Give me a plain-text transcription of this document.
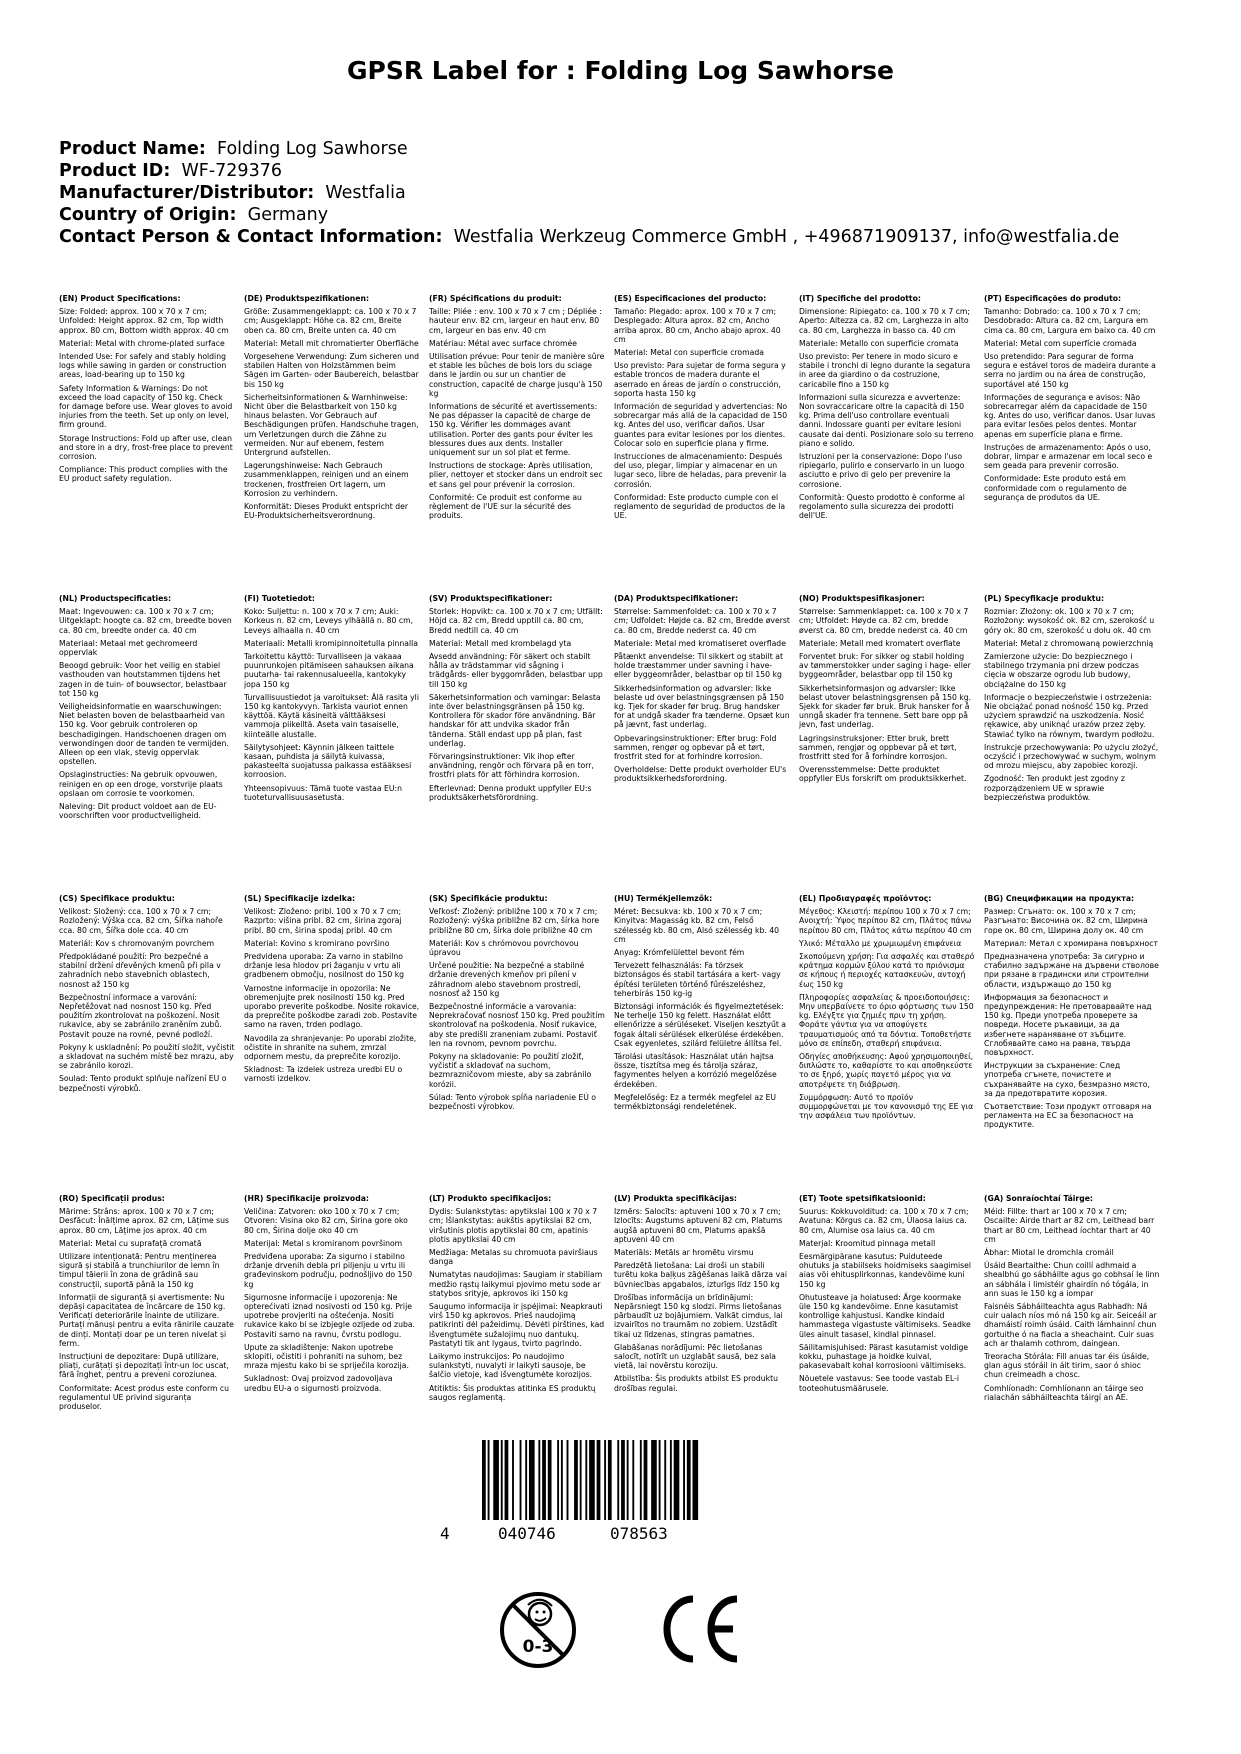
GPSR Label for : Folding Log Sawhorse
Product Name: Folding Log Sawhorse
Product ID: WF-729376
Manufacturer/Distributor: Westfalia
Country of Origin: Germany
Contact Person & Contact Information: Westfalia Werkzeug Commerce GmbH , +496871909137, info@westfalia.de

(EN) Product Specifications:

Size: Folded: approx. 100 x 70 x 7 cm; Unfolded: Height approx. 82 cm, Top width approx. 80 cm, Bottom width approx. 40 cm

Material: Metal with chrome-plated surface

Intended Use: For safely and stably holding logs while sawing in garden or construction areas, load-bearing up to 150 kg

Safety Information & Warnings: Do not exceed the load capacity of 150 kg. Check for damage before use. Wear gloves to avoid injuries from the teeth. Set up only on level, firm ground.

Storage Instructions: Fold up after use, clean and store in a dry, frost-free place to prevent corrosion.

Compliance: This product complies with the EU product safety regulation.

(DE) Produktspezifikationen:

Größe: Zusammengeklappt: ca. 100 x 70 x 7 cm; Ausgeklappt: Höhe ca. 82 cm, Breite oben ca. 80 cm, Breite unten ca. 40 cm

Material: Metall mit chromatierter Oberfläche

Vorgesehene Verwendung: Zum sicheren und stabilen Halten von Holzstämmen beim Sägen im Garten- oder Baubereich, belastbar bis 150 kg

Sicherheitsinformationen & Warnhinweise: Nicht über die Belastbarkeit von 150 kg hinaus belasten. Vor Gebrauch auf Beschädigungen prüfen. Handschuhe tragen, um Verletzungen durch die Zähne zu vermeiden. Nur auf ebenem, festem Untergrund aufstellen.

Lagerungshinweise: Nach Gebrauch zusammenklappen, reinigen und an einem trockenen, frostfreien Ort lagern, um Korrosion zu verhindern.

Konformität: Dieses Produkt entspricht der EU-Produktsicherheitsverordnung.

(FR) Spécifications du produit:

Taille: Pliée : env. 100 x 70 x 7 cm ; Dépliée : hauteur env. 82 cm, largeur en haut env. 80 cm, largeur en bas env. 40 cm

Matériau: Métal avec surface chromée

Utilisation prévue: Pour tenir de manière sûre et stable les bûches de bois lors du sciage dans le jardin ou sur un chantier de construction, capacité de charge jusqu'à 150 kg

Informations de sécurité et avertissements: Ne pas dépasser la capacité de charge de 150 kg. Vérifier les dommages avant utilisation. Porter des gants pour éviter les blessures dues aux dents. Installer uniquement sur un sol plat et ferme.

Instructions de stockage: Après utilisation, plier, nettoyer et stocker dans un endroit sec et sans gel pour prévenir la corrosion.

Conformité: Ce produit est conforme au règlement de l'UE sur la sécurité des produits.

(ES) Especificaciones del producto:

Tamaño: Plegado: aprox. 100 x 70 x 7 cm; Desplegado: Altura aprox. 82 cm, Ancho arriba aprox. 80 cm, Ancho abajo aprox. 40 cm

Material: Metal con superficie cromada

Uso previsto: Para sujetar de forma segura y estable troncos de madera durante el aserrado en áreas de jardín o construcción, soporta hasta 150 kg

Información de seguridad y advertencias: No sobrecargar más allá de la capacidad de 150 kg. Antes del uso, verificar daños. Usar guantes para evitar lesiones por los dientes. Colocar solo en superficie plana y firme.

Instrucciones de almacenamiento: Después del uso, plegar, limpiar y almacenar en un lugar seco, libre de heladas, para prevenir la corrosión.

Conformidad: Este producto cumple con el reglamento de seguridad de productos de la UE.

(IT) Specifiche del prodotto:

Dimensione: Ripiegato: ca. 100 x 70 x 7 cm; Aperto: Altezza ca. 82 cm, Larghezza in alto ca. 80 cm, Larghezza in basso ca. 40 cm

Materiale: Metallo con superficie cromata

Uso previsto: Per tenere in modo sicuro e stabile i tronchi di legno durante la segatura in aree da giardino o da costruzione, caricabile fino a 150 kg

Informazioni sulla sicurezza e avvertenze: Non sovraccaricare oltre la capacità di 150 kg. Prima dell'uso controllare eventuali danni. Indossare guanti per evitare lesioni causate dai denti. Posizionare solo su terreno piano e solido.

Istruzioni per la conservazione: Dopo l'uso ripiegarlo, pulirlo e conservarlo in un luogo asciutto e privo di gelo per prevenire la corrosione.

Conformità: Questo prodotto è conforme al regolamento sulla sicurezza dei prodotti dell'UE.

(PT) Especificações do produto:

Tamanho: Dobrado: ca. 100 x 70 x 7 cm; Desdobrado: Altura ca. 82 cm, Largura em cima ca. 80 cm, Largura em baixo ca. 40 cm

Material: Metal com superfície cromada

Uso pretendido: Para segurar de forma segura e estável toros de madeira durante a serra no jardim ou na área de construção, suportável até 150 kg

Informações de segurança e avisos: Não sobrecarregar além da capacidade de 150 kg. Antes do uso, verificar danos. Usar luvas para evitar lesões pelos dentes. Montar apenas em superfície plana e firme.

Instruções de armazenamento: Após o uso, dobrar, limpar e armazenar em local seco e sem geada para prevenir corrosão.

Conformidade: Este produto está em conformidade com o regulamento de segurança de produtos da UE.

(NL) Productspecificaties:

Maat: Ingevouwen: ca. 100 x 70 x 7 cm; Uitgeklapt: hoogte ca. 82 cm, breedte boven ca. 80 cm, breedte onder ca. 40 cm

Materiaal: Metaal met gechromeerd oppervlak

Beoogd gebruik: Voor het veilig en stabiel vasthouden van houtstammen tijdens het zagen in de tuin- of bouwsector, belastbaar tot 150 kg

Veiligheidsinformatie en waarschuwingen: Niet belasten boven de belastbaarheid van 150 kg. Voor gebruik controleren op beschadigingen. Handschoenen dragen om verwondingen door de tanden te vermijden. Alleen op een vlak, stevig oppervlak opstellen.

Opslaginstructies: Na gebruik opvouwen, reinigen en op een droge, vorstvrije plaats opslaan om corrosie te voorkomen.

Naleving: Dit product voldoet aan de EU-voorschriften voor productveiligheid.

(FI) Tuotetiedot:

Koko: Suljettu: n. 100 x 70 x 7 cm; Auki: Korkeus n. 82 cm, Leveys ylhäällä n. 80 cm, Leveys alhaalla n. 40 cm

Materiaali: Metalli kromipinnoitetulla pinnalla

Tarkoitettu käyttö: Turvalliseen ja vakaaa puunrunkojen pitämiseen sahauksen aikana puutarha- tai rakennusalueella, kantokyky jopa 150 kg

Turvallisuustiedot ja varoitukset: Älä rasita yli 150 kg kantokyvyn. Tarkista vauriot ennen käyttöä. Käytä käsineitä välttääksesi vammoja piikeiltä. Aseta vain tasaiselle, kiinteälle alustalle.

Säilytysohjeet: Käynnin jälkeen taittele kasaan, puhdista ja säilytä kuivassa, pakasteelta suojatussa paikassa estääksesi korroosion.

Yhteensopivuus: Tämä tuote vastaa EU:n tuoteturvallisuusasetusta.

(SV) Produktspecifikationer:

Storlek: Hopvikt: ca. 100 x 70 x 7 cm; Utfällt: Höjd ca. 82 cm, Bredd upptill ca. 80 cm, Bredd nedtill ca. 40 cm

Material: Metall med krombelagd yta

Avsedd användning: För säkert och stabilt hålla av trädstammar vid sågning i trädgårds- eller byggområden, belastbar upp till 150 kg

Säkerhetsinformation och varningar: Belasta inte över belastningsgränsen på 150 kg. Kontrollera för skador före användning. Bär handskar för att undvika skador från tänderna. Ställ endast upp på plan, fast underlag.

Förvaringsinstruktioner: Vik ihop efter användning, rengör och förvara på en torr, frostfri plats för att förhindra korrosion.

Efterlevnad: Denna produkt uppfyller EU:s produktsäkerhetsförordning.

(DA) Produktspecifikationer:

Størrelse: Sammenfoldet: ca. 100 x 70 x 7 cm; Udfoldet: Højde ca. 82 cm, Bredde øverst ca. 80 cm, Bredde nederst ca. 40 cm

Materiale: Metal med kromatiseret overflade

Påtænkt anvendelse: Til sikkert og stabilt at holde træstammer under savning i have- eller byggeområder, belastbar op til 150 kg

Sikkerhedsinformation og advarsler: Ikke belaste ud over belastningsgrænsen på 150 kg. Tjek for skader før brug. Brug handsker for at undgå skader fra tænderne. Opsæt kun på jævnt, fast underlag.

Opbevaringsinstruktioner: Efter brug: Fold sammen, rengør og opbevar på et tørt, frostfrit sted for at forhindre korrosion.

Overholdelse: Dette produkt overholder EU's produktsikkerhedsforordning.

(NO) Produktspesifikasjoner:

Størrelse: Sammenklappet: ca. 100 x 70 x 7 cm; Utfoldet: Høyde ca. 82 cm, bredde øverst ca. 80 cm, bredde nederst ca. 40 cm

Materiale: Metall med kromatert overflate

Forventet bruk: For sikker og stabil holding av tømmerstokker under saging i hage- eller byggeområder, belastbar opp til 150 kg

Sikkerhetsinformasjon og advarsler: Ikke belast utover belastningsgrensen på 150 kg. Sjekk for skader før bruk. Bruk hansker for å unngå skader fra tennene. Sett bare opp på jevn, fast underlag.

Lagringsinstruksjoner: Etter bruk, brett sammen, rengjør og oppbevar på et tørt, frostfritt sted for å forhindre korrosjon.

Overensstemmelse: Dette produktet oppfyller EUs forskrift om produktsikkerhet.

(PL) Specyfikacje produktu:

Rozmiar: Złożony: ok. 100 x 70 x 7 cm; Rozłożony: wysokość ok. 82 cm, szerokość u góry ok. 80 cm, szerokość u dołu ok. 40 cm

Materiał: Metal z chromowaną powierzchnią

Zamierzone użycie: Do bezpiecznego i stabilnego trzymania pni drzew podczas cięcia w obszarze ogrodu lub budowy, obciążalne do 150 kg

Informacje o bezpieczeństwie i ostrzeżenia: Nie obciążać ponad nośność 150 kg. Przed użyciem sprawdzić na uszkodzenia. Nosić rękawice, aby uniknąć urazów przez zęby. Stawiać tylko na równym, twardym podłożu.

Instrukcje przechowywania: Po użyciu złożyć, oczyścić i przechowywać w suchym, wolnym od mrozu miejscu, aby zapobiec korozji.

Zgodność: Ten produkt jest zgodny z rozporządzeniem UE w sprawie bezpieczeństwa produktów.

(CS) Specifikace produktu:

Velikost: Složený: cca. 100 x 70 x 7 cm; Rozložený: Výška cca. 82 cm, Šířka nahoře cca. 80 cm, Šířka dole cca. 40 cm

Materiál: Kov s chromovaným povrchem

Předpokládané použití: Pro bezpečné a stabilní držení dřevěných kmenů při pila v zahradních nebo stavebních oblastech, nosnost až 150 kg

Bezpečnostní informace a varování: Nepřetěžovat nad nosnost 150 kg. Před použitím zkontrolovat na poškození. Nosit rukavice, aby se zabránilo zraněním zubů. Postavit pouze na rovné, pevné podloží.

Pokyny k uskladnění: Po použití složit, vyčistit a skladovat na suchém místě bez mrazu, aby se zabránilo korozi.

Soulad: Tento produkt splňuje nařízení EU o bezpečnosti výrobků.

(SL) Specifikacije izdelka:

Velikost: Zloženo: pribl. 100 x 70 x 7 cm; Razprto: višina pribl. 82 cm, širina zgoraj pribl. 80 cm, širina spodaj pribl. 40 cm

Material: Kovino s kromirano površino

Predvidena uporaba: Za varno in stabilno držanje lesa hlodov pri žaganju v vrtu ali gradbenem območju, nosilnost do 150 kg

Varnostne informacije in opozorila: Ne obremenjujte prek nosilnosti 150 kg. Pred uporabo preverite poškodbe. Nosite rokavice, da preprečite poškodbe zaradi zob. Postavite samo na raven, trden podlago.

Navodila za shranjevanje: Po uporabi zložite, očistite in shranite na suhem, zmrzal odpornem mestu, da preprečite korozijo.

Skladnost: Ta izdelek ustreza uredbi EU o varnosti izdelkov.

(SK) Špecifikácie produktu:

Veľkosť: Zložený: približne 100 x 70 x 7 cm; Rozložený: výška približne 82 cm, šírka hore približne 80 cm, šírka dole približne 40 cm

Materiál: Kov s chrómovou povrchovou úpravou

Určené použitie: Na bezpečné a stabilné držanie drevených kmeňov pri pílení v záhradnom alebo stavebnom prostredí, nosnosť až 150 kg

Bezpečnostné informácie a varovania: Neprekračovať nosnosť 150 kg. Pred použitím skontrolovať na poškodenia. Nosiť rukavice, aby ste predišli zraneniam zubami. Postaviť len na rovnom, pevnom povrchu.

Pokyny na skladovanie: Po použití zložiť, vyčistiť a skladovať na suchom, bezmrazničovom mieste, aby sa zabránilo korózii.

Súlad: Tento výrobok spĺňa nariadenie EÚ o bezpečnosti výrobkov.

(HU) Termékjellemzők:

Méret: Becsukva: kb. 100 x 70 x 7 cm; Kinyitva: Magasság kb. 82 cm, Felső szélesség kb. 80 cm, Alsó szélesség kb. 40 cm

Anyag: Krómfelülettel bevont fém

Tervezett felhasználás: Fa törzsek biztonságos és stabil tartására a kert- vagy építési területen történő fűrészeléshez, teherbírás 150 kg-ig

Biztonsági információk és figyelmeztetések: Ne terhelje 150 kg felett. Használat előtt ellenőrizze a sérüléseket. Viseljen kesztyűt a fogak általi sérülések elkerülése érdekében. Csak egyenletes, szilárd felületre állítsa fel.

Tárolási utasítások: Használat után hajtsa össze, tisztítsa meg és tárolja száraz, fagymentes helyen a korrózió megelőzése érdekében.

Megfelelőség: Ez a termék megfelel az EU termékbiztonsági rendeletének.

(EL) Προδιαγραφές προϊόντος:

Μέγεθος: Κλειστή: περίπου 100 x 70 x 7 cm; Ανοιχτή: Ύψος περίπου 82 cm, Πλάτος πάνω περίπου 80 cm, Πλάτος κάτω περίπου 40 cm

Υλικό: Μέταλλο με χρωμιωμένη επιφάνεια

Σκοπούμενη χρήση: Για ασφαλές και σταθερό κράτημα κορμών ξύλου κατά το πριόνισμα σε κήπους ή περιοχές κατασκευών, αντοχή έως 150 kg

Πληροφορίες ασφαλείας & προειδοποιήσεις: Μην υπερβαίνετε το όριο φόρτωσης των 150 kg. Ελέγξτε για ζημιές πριν τη χρήση. Φοράτε γάντια για να αποφύγετε τραυματισμούς από τα δόντια. Τοποθετήστε μόνο σε επίπεδη, σταθερή επιφάνεια.

Οδηγίες αποθήκευσης: Αφού χρησιμοποιηθεί, διπλώστε το, καθαρίστε το και αποθηκεύστε το σε ξηρό, χωρίς παγετό μέρος για να αποτρέψετε τη διάβρωση.

Συμμόρφωση: Αυτό το προϊόν συμμορφώνεται με τον κανονισμό της ΕΕ για την ασφάλεια των προϊόντων.

(BG) Спецификации на продукта:

Размер: Сгънато: ок. 100 x 70 x 7 cm; Разгънато: Височина ок. 82 cm, Ширина горе ок. 80 cm, Ширина долу ок. 40 cm

Материал: Метал с хромирана повърхност

Предназначена употреба: За сигурно и стабилно задържане на дървени стволове при рязане в градински или строителни области, издържащо до 150 kg

Информация за безопасност и предупреждения: Не претоварвайте над 150 kg. Преди употреба проверете за повреди. Носете ръкавици, за да избегнете нараняване от зъбците. Сглобявайте само на равна, твърда повърхност.

Инструкции за съхранение: След употреба сгънете, почистете и съхранявайте на сухо, безмразно място, за да предотвратите корозия.

Съответствие: Този продукт отговаря на регламента на ЕС за безопасност на продуктите.

(RO) Specificații produs:

Mărime: Strâns: aprox. 100 x 70 x 7 cm; Desfăcut: Înălțime aprox. 82 cm, Lățime sus aprox. 80 cm, Lățime jos aprox. 40 cm

Material: Metal cu suprafață cromată

Utilizare intenționată: Pentru menținerea sigură și stabilă a trunchiurilor de lemn în timpul tăierii în zona de grădină sau construcții, suportă până la 150 kg

Informații de siguranță și avertismente: Nu depăși capacitatea de încărcare de 150 kg. Verificați deteriorările înainte de utilizare. Purtați mănuși pentru a evita rănirile cauzate de dinți. Montați doar pe un teren nivelat și ferm.

Instrucțiuni de depozitare: După utilizare, pliați, curățați și depozitați într-un loc uscat, fără înghet, pentru a preveni coroziunea.

Conformitate: Acest produs este conform cu regulamentul UE privind siguranța produselor.

(HR) Specifikacije proizvoda:

Veličina: Zatvoren: oko 100 x 70 x 7 cm; Otvoren: Visina oko 82 cm, Širina gore oko 80 cm, Širina dolje oko 40 cm

Materijal: Metal s kromiranom površinom

Predviđena uporaba: Za sigurno i stabilno držanje drvenih debla pri piljenju u vrtu ili građevinskom području, podnošljivo do 150 kg

Sigurnosne informacije i upozorenja: Ne opterećivati iznad nosivosti od 150 kg. Prije upotrebe provjeriti na oštećenja. Nositi rukavice kako bi se izbjegle ozljede od zuba. Postaviti samo na ravnu, čvrstu podlogu.

Upute za skladištenje: Nakon upotrebe sklopiti, očistiti i pohraniti na suhom, bez mraza mjestu kako bi se spriječila korozija.

Sukladnost: Ovaj proizvod zadovoljava uredbu EU-a o sigurnosti proizvoda.

(LT) Produkto specifikacijos:

Dydis: Sulankstytas: apytikslai 100 x 70 x 7 cm; Išlankstytas: aukštis apytikslai 82 cm, viršutinis plotis apytikslai 80 cm, apatinis plotis apytikslai 40 cm

Medžiaga: Metalas su chromuota paviršiaus danga

Numatytas naudojimas: Saugiam ir stabiliam medžio rąstų laikymui pjovimo metu sode ar statybos srityje, apkrovos iki 150 kg

Saugumo informacija ir įspėjimai: Neapkrauti virš 150 kg apkrovos. Prieš naudojimą patikrinti dėl pažeidimų. Dėvėti pirštines, kad išvengtumėte sužalojimų nuo dantukų. Pastatyti tik ant lygaus, tvirto pagrindo.

Laikymo instrukcijos: Po naudojimo sulankstyti, nuvalyti ir laikyti sausoje, be šalčio vietoje, kad išvengtumėte korozijos.

Atitiktis: Šis produktas atitinka ES produktų saugos reglamentą.

(LV) Produkta specifikācijas:

Izmērs: Salocīts: aptuveni 100 x 70 x 7 cm; Izlocīts: Augstums aptuveni 82 cm, Platums augšā aptuveni 80 cm, Platums apakšā aptuveni 40 cm

Materiāls: Metāls ar hromētu virsmu

Paredzētā lietošana: Lai droši un stabili turētu koka baļķus zāģēšanas laikā dārza vai būvniecības apgabalos, izturīgs līdz 150 kg

Drošības informācija un brīdinājumi: Nepārsniegt 150 kg slodzi. Pirms lietošanas pārbaudīt uz bojājumiem. Valkāt cimdus, lai izvairītos no traumām no zobiem. Uzstādīt tikai uz līdzenas, stingras pamatnes.

Glabāšanas norādījumi: Pēc lietošanas salocīt, notīrīt un uzglabāt sausā, bez sala vietā, lai novērstu koroziju.

Atbilstība: Šis produkts atbilst ES produktu drošības regulai.

(ET) Toote spetsifikatsioonid:

Suurus: Kokkuvolditud: ca. 100 x 70 x 7 cm; Avatuna: Kõrgus ca. 82 cm, Ülaosa laius ca. 80 cm, Alumise osa laius ca. 40 cm

Materjal: Kroomitud pinnaga metall

Eesmärgipärane kasutus: Puiduteede ohutuks ja stabiilseks hoidmiseks saagimisel aias või ehitusplirkonnas, kandevõime kuni 150 kg

Ohutusteave ja hoiatused: Ärge koormake üle 150 kg kandevõime. Enne kasutamist kontrollige kahjustusi. Kandke kindaid hammastega vigastuste vältimiseks. Seadke üles ainult tasasel, kindlal pinnasel.

Säilitamisjuhised: Pärast kasutamist voldige kokku, puhastage ja hoidke kuival, pakasevabalt kohal korrosiooni vältimiseks.

Nõuetele vastavus: See toode vastab EL-i tooteohutusmäärusele.

(GA) Sonraíochtaí Táirge:

Méid: Fillte: thart ar 100 x 70 x 7 cm; Oscailte: Airde thart ar 82 cm, Leithead barr thart ar 80 cm, Leithead íochtar thart ar 40 cm

Ábhar: Miotal le dromchla cromáil

Úsáid Beartaithe: Chun coillí adhmaid a shealbhú go sábháilte agus go cobhsaí le linn an sábhála i limistéir ghairdín nó tógála, in ann suas le 150 kg a iompar

Faisnéis Sábháilteachta agus Rabhadh: Ná cuir ualach níos mó ná 150 kg air. Seiceáil ar dhamáistí roimh úsáid. Caith lámhainní chun gortuithe ó na fiacla a sheachaint. Cuir suas ach ar thalamh cothrom, daingean.

Treoracha Stórála: Fill anuas tar éis úsáide, glan agus stóráil in áit tirim, saor ó shioc chun creimeadh a chosc.

Comhlíonadh: Comhlíonann an táirge seo rialachán sábháilteachta táirgí an AE.

4	040746	078563
0-3
